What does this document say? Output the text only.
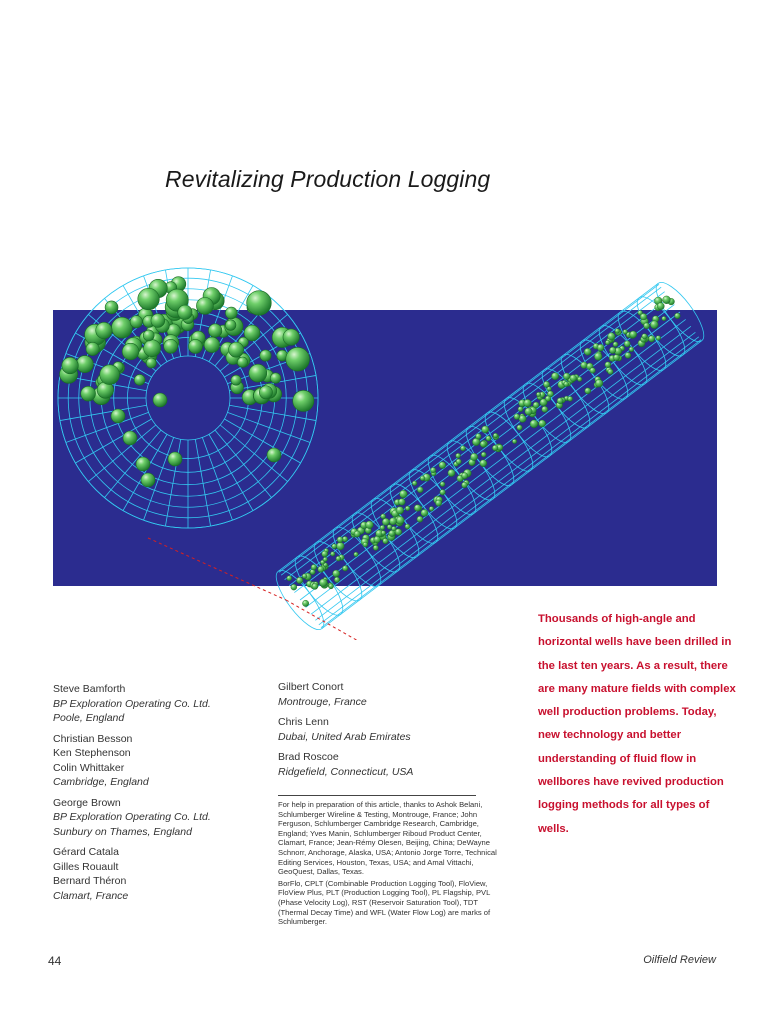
Revitalizing Production Logging
Steve Bamforth
BP Exploration Operating Co. Ltd.
Poole, England
Christian Besson
Ken Stephenson
Colin Whittaker
Cambridge, England
George Brown
BP Exploration Operating Co. Ltd.
Sunbury on Thames, England
Gérard Catala
Gilles Rouault
Bernard Théron
Clamart, France
Gilbert Conort
Montrouge, France
Chris Lenn
Dubai, United Arab Emirates
Brad Roscoe
Ridgefield, Connecticut, USA

For help in preparation of this article, thanks to Ashok Belani, Schlumberger Wireline & Testing, Montrouge, France; John Ferguson, Schlumberger Cambridge Research, Cambridge, England; Yves Manin, Schlumberger Riboud Product Center, Clamart, France; Jean-Rémy Olesen, Beijing, China; DeWayne Schnorr, Anchorage, Alaska, USA; Antonio Jorge Torre, Technical Editing Services, Houston, Texas, USA; and Amal Vittachi, GeoQuest, Dallas, Texas.

BorFlo, CPLT (Combinable Production Logging Tool), FloView, FloView Plus, PLT (Production Logging Tool), PL Flagship, PVL (Phase Velocity Log), RST (Reservoir Saturation Tool), TDT (Thermal Decay Time) and WFL (Water Flow Log) are marks of Schlumberger.

Thousands of high-angle and horizontal wells have been drilled in the last ten years. As a result, there are many mature fields with complex well production problems. Today, new technology and better understanding of fluid flow in wellbores have revived production logging methods for all types of wells.
44	Oilfield Review
